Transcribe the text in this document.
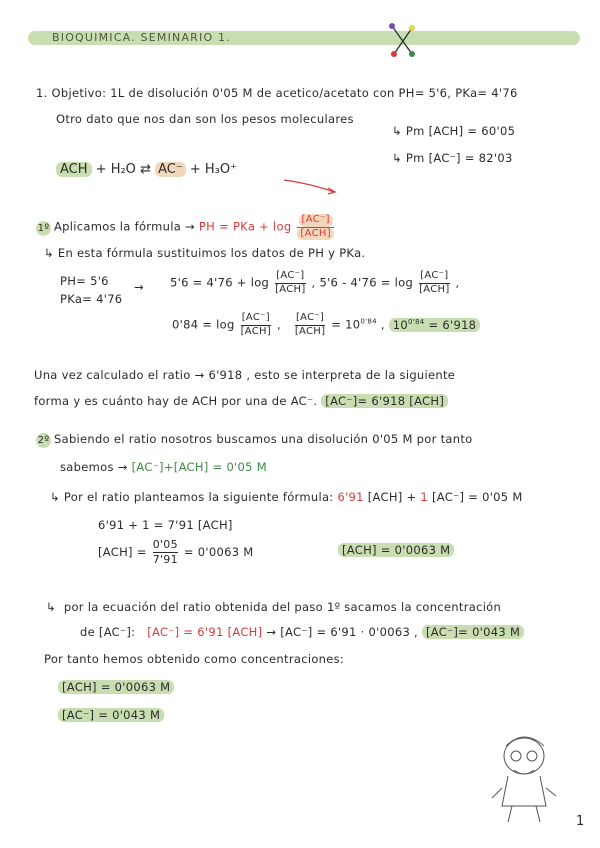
BIOQUIMICA. SEMINARIO 1.
1. Objetivo: 1L de disolución 0'05 M de acetico/acetato con PH= 5'6, PKa= 4'76
Otro dato que nos dan son los pesos moleculares
↳ Pm [ACH] = 60'05
↳ Pm [AC⁻] = 82'03
ACH + H₂O ⇄ AC⁻ + H₃O⁺
1º Aplicamos la fórmula → PH = PKa + $\log \frac{[AC^-]}{\text{[ACH]}}$
↳ En esta fórmula sustituimos los datos de PH y PKa.
PH= 5'6
PKa= 4'76
→ $5'6 = 4'76 + \log \frac{[AC^-]}{\text{[ACH]}}$ , $5'6 - 4'76 = \log \frac{[AC^-]}{\text{[ACH]}}$ ,
$0'84 = \log \frac{[AC^-]}{\text{[ACH]}}$ , $\frac{[AC^-]}{\text{[ACH]}} = 10^{0'84}$ , $10^{0'84} = 6'918$
Una vez calculado el ratio → 6'918 , esto se interpreta de la siguiente
forma y es cuánto hay de ACH por una de AC⁻. [AC⁻]= 6'918 [ACH]
2º Sabiendo el ratio nosotros buscamos una disolución 0'05 M por tanto
sabemos → [AC⁻]+[ACH] = 0'05 M
↳ Por el ratio planteamos la siguiente fórmula: 6'91 [ACH] + 1 [AC⁻] = 0'05 M
6'91 + 1 = 7'91 [ACH]
$[ACH] = \frac{0'05}{7'91} = 0'0063$ M	[ACH] = 0'0063 M
↳  por la ecuación del ratio obtenida del paso 1º sacamos la concentración
de [AC⁻]: [AC⁻] = 6'91 [ACH] → [AC⁻] = 6'91 · 0'0063 , [AC⁻]= 0'043 M
Por tanto hemos obtenido como concentraciones:
[ACH] = 0'0063 M
[AC⁻] = 0'043 M
1
